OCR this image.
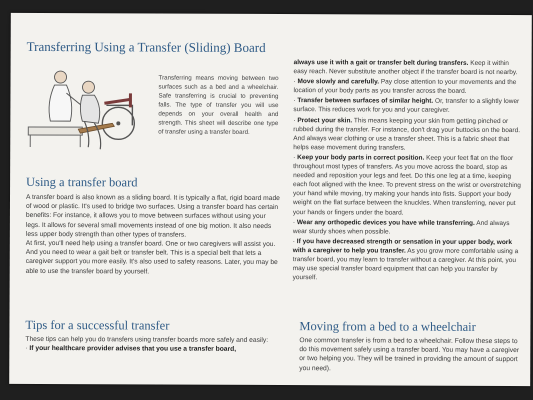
Transferring Using a Transfer (Sliding) Board
Transferring means moving between two surfaces such as a bed and a wheelchair. Safe transferring is crucial to preventing falls. The type of transfer you will use depends on your overall health and strength. This sheet will describe one type of transfer using a transfer board.
Using a transfer board

A transfer board is also known as a sliding board. It is typically a flat, rigid board made of wood or plastic. It's used to bridge two surfaces. Using a transfer board has certain benefits: For instance, it allows you to move between surfaces without using your legs. It allows for several small movements instead of one big motion. It also needs less upper body strength than other types of transfers.

At first, you'll need help using a transfer board. One or two caregivers will assist you. And you need to wear a gait belt or transfer belt. This is a special belt that lets a caregiver support you more easily. It's also used to safety reasons. Later, you may be able to use the transfer board by yourself.

Tips for a successful transfer

These tips can help you do transfers using transfer boards more safely and easily:

· If your healthcare provider advises that you use a transfer board,

always use it with a gait or transfer belt during transfers. Keep it within easy reach. Never substitute another object if the transfer board is not nearby.

· Move slowly and carefully. Pay close attention to your movements and the location of your body parts as you transfer across the board.

· Transfer between surfaces of similar height. Or, transfer to a slightly lower surface. This reduces work for you and your caregiver.

· Protect your skin. This means keeping your skin from getting pinched or rubbed during the transfer. For instance, don't drag your buttocks on the board. And always wear clothing or use a transfer sheet. This is a fabric sheet that helps ease movement during transfers.

· Keep your body parts in correct position. Keep your feet flat on the floor throughout most types of transfers. As you move across the board, stop as needed and reposition your legs and feet. Do this one leg at a time, keeping each foot aligned with the knee. To prevent stress on the wrist or overstretching your hand while moving, try making your hands into fists. Support your body weight on the flat surface between the knuckles. When transferring, never put your hands or fingers under the board.

· Wear any orthopedic devices you have while transferring. And always wear sturdy shoes when possible.

· If you have decreased strength or sensation in your upper body, work with a caregiver to help you transfer. As you grow more comfortable using a transfer board, you may learn to transfer without a caregiver. At this point, you may use special transfer board equipment that can help you transfer by yourself.

Moving from a bed to a wheelchair
One common transfer is from a bed to a wheelchair. Follow these steps to do this movement safely using a transfer board. You may have a caregiver or two helping you. They will be trained in providing the amount of support you need).
